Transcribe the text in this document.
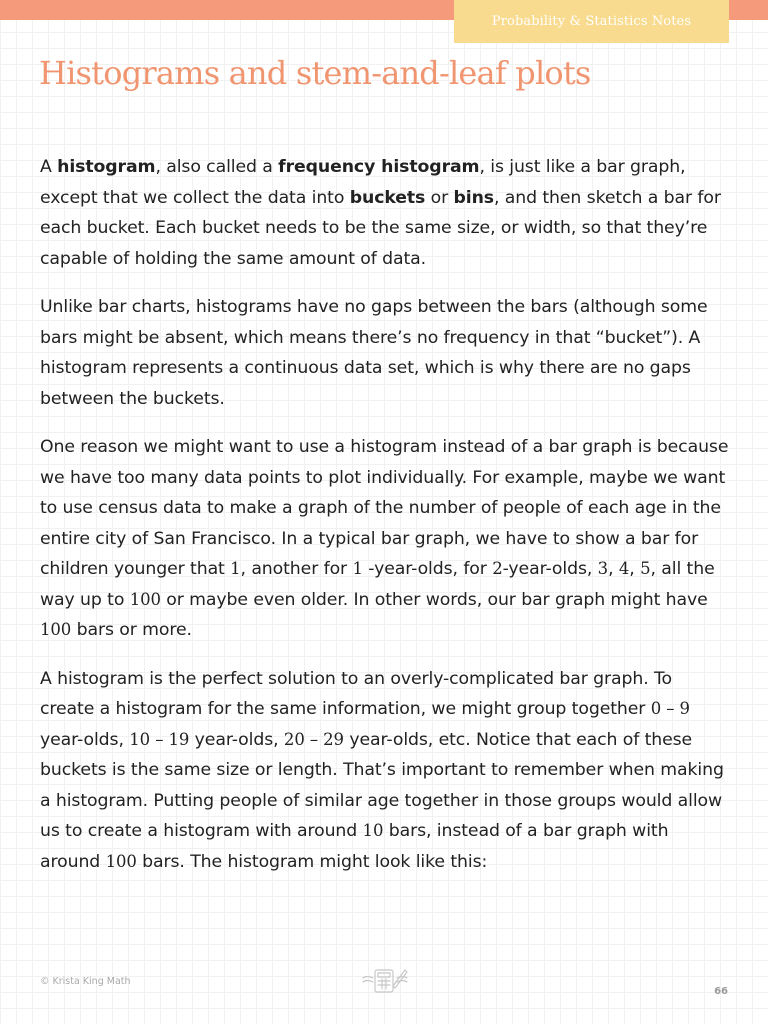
Probability & Statistics Notes
Histograms and stem-and-leaf plots

A histogram, also called a frequency histogram, is just like a bar graph, except that we collect the data into buckets or bins, and then sketch a bar for each bucket. Each bucket needs to be the same size, or width, so that they’re capable of holding the same amount of data.

Unlike bar charts, histograms have no gaps between the bars (although some bars might be absent, which means there’s no frequency in that “bucket”). A histogram represents a continuous data set, which is why there are no gaps between the buckets.

One reason we might want to use a histogram instead of a bar graph is because we have too many data points to plot individually. For example, maybe we want to use census data to make a graph of the number of people of each age in the entire city of San Francisco. In a typical bar graph, we have to show a bar for children younger that 1, another for 1 -year-olds, for 2-year-olds, 3, 4, 5, all the way up to 100 or maybe even older. In other words, our bar graph might have 100 bars or more.

A histogram is the perfect solution to an overly-complicated bar graph. To create a histogram for the same information, we might group together 0 – 9 year-olds, 10 – 19 year-olds, 20 – 29 year-olds, etc. Notice that each of these buckets is the same size or length. That’s important to remember when making a histogram. Putting people of similar age together in those groups would allow us to create a histogram with around 10 bars, instead of a bar graph with around 100 bars. The histogram might look like this:

© Krista King Math
66
